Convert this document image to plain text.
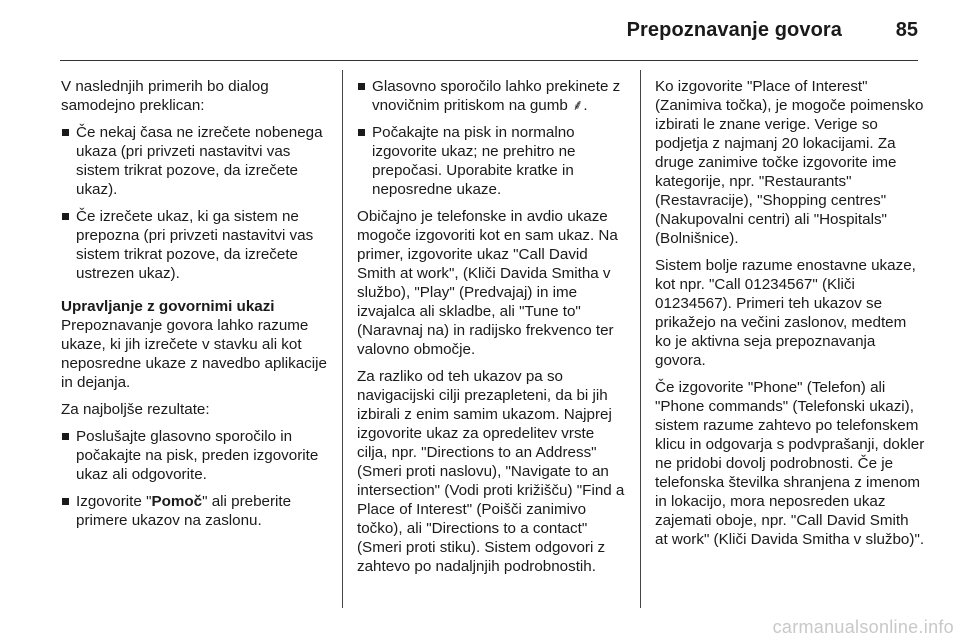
Prepoznavanje govora	85

V naslednjih primerih bo dialog samodejno preklican:

Če nekaj časa ne izrečete nobenega ukaza (pri privzeti nastavitvi vas sistem trikrat pozove, da izrečete ukaz).
Če izrečete ukaz, ki ga sistem ne prepozna (pri privzeti nastavitvi vas sistem trikrat pozove, da izrečete ustrezen ukaz).

Upravljanje z govornimi ukazi

Prepoznavanje govora lahko razume ukaze, ki jih izrečete v stavku ali kot neposredne ukaze z navedbo aplikacije in dejanja.

Za najboljše rezultate:

Poslušajte glasovno sporočilo in počakajte na pisk, preden izgovorite ukaz ali odgovorite.
Izgovorite "Pomoč" ali preberite primere ukazov na zaslonu.
Glasovno sporočilo lahko prekinete z vnovičnim pritiskom na gumb ⸙.
Počakajte na pisk in normalno izgovorite ukaz; ne prehitro ne prepočasi. Uporabite kratke in neposredne ukaze.

Običajno je telefonske in avdio ukaze mogoče izgovoriti kot en sam ukaz. Na primer, izgovorite ukaz "Call David Smith at work", (Kliči Davida Smitha v službo), "Play" (Predvajaj) in ime izvajalca ali skladbe, ali "Tune to" (Naravnaj na) in radijsko frekvenco ter valovno območje.

Za razliko od teh ukazov pa so navigacijski cilji prezapleteni, da bi jih izbirali z enim samim ukazom. Najprej izgovorite ukaz za opredelitev vrste cilja, npr. "Directions to an Address" (Smeri proti naslovu), "Navigate to an intersection" (Vodi proti križišču) "Find a Place of Interest" (Poišči zanimivo točko), ali "Directions to a contact" (Smeri proti stiku). Sistem odgovori z zahtevo po nadaljnjih podrobnostih.

Ko izgovorite "Place of Interest" (Zanimiva točka), je mogoče poimensko izbirati le znane verige. Verige so podjetja z najmanj 20 lokacijami. Za druge zanimive točke izgovorite ime kategorije, npr. "Restaurants" (Restavracije), "Shopping centres" (Nakupovalni centri) ali "Hospitals" (Bolnišnice).

Sistem bolje razume enostavne ukaze, kot npr. "Call 01234567" (Kliči 01234567). Primeri teh ukazov se prikažejo na večini zaslonov, medtem ko je aktivna seja prepoznavanja govora.

Če izgovorite "Phone" (Telefon) ali "Phone commands" (Telefonski ukazi), sistem razume zahtevo po telefonskem klicu in odgovarja s podvprašanji, dokler ne pridobi dovolj podrobnosti. Če je telefonska številka shranjena z imenom in lokacijo, mora neposreden ukaz zajemati oboje, npr. "Call David Smith at work" (Kliči Davida Smitha v službo)".

carmanualsonline.info
